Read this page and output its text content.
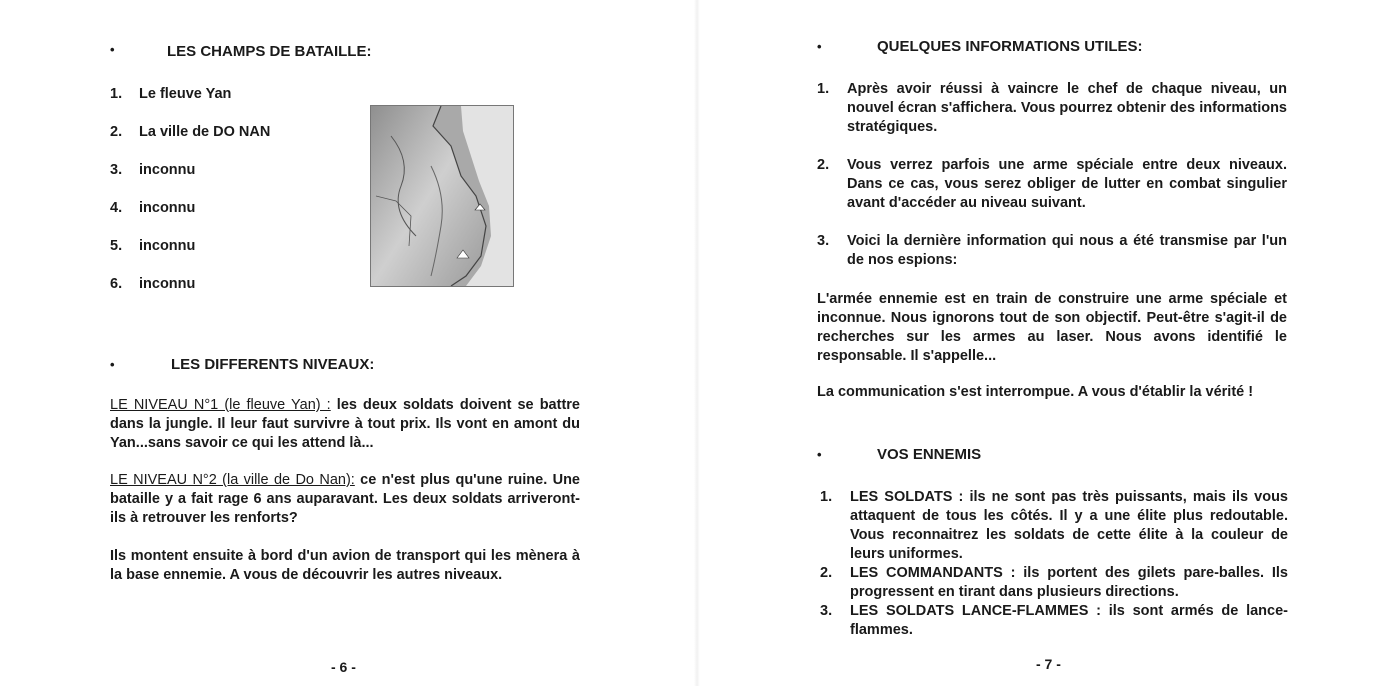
•	LES CHAMPS DE BATAILLE:
1. Le fleuve Yan
2. La ville de DO NAN
3. inconnu
4. inconnu
5. inconnu
6. inconnu
•	LES DIFFERENTS NIVEAUX:
LE NIVEAU N°1 (le fleuve Yan) : les deux soldats doivent se battre dans la jungle. Il leur faut survivre à tout prix. Ils vont en amont du Yan...sans savoir ce qui les attend là...
LE NIVEAU N°2 (la ville de Do Nan): ce n'est plus qu'une ruine. Une bataille y a fait rage 6 ans auparavant. Les deux soldats arriveront-ils à retrouver les renforts?
Ils montent ensuite à bord d'un avion de transport qui les mènera à la base ennemie. A vous de découvrir les autres niveaux.
- 6 -
•	QUELQUES INFORMATIONS UTILES:
1. Après avoir réussi à vaincre le chef de chaque niveau, un nouvel écran s'affichera. Vous pourrez obtenir des informations stratégiques.
2. Vous verrez parfois une arme spéciale entre deux niveaux. Dans ce cas, vous serez obliger de lutter en combat singulier avant d'accéder au niveau suivant.
3. Voici la dernière information qui nous a été transmise par l'un de nos espions:
L'armée ennemie est en train de construire une arme spéciale et inconnue. Nous ignorons tout de son objectif. Peut-être s'agit-il de recherches sur les armes au laser. Nous avons identifié le responsable. Il s'appelle...
La communication s'est interrompue. A vous d'établir la vérité !
•	VOS ENNEMIS
1. LES SOLDATS : ils ne sont pas très puissants, mais ils vous attaquent de tous les côtés. Il y a une élite plus redoutable. Vous reconnaitrez les soldats de cette élite à la couleur de leurs uniformes.
2. LES COMMANDANTS : ils portent des gilets pare-balles. Ils progressent en tirant dans plusieurs directions.
3. LES SOLDATS LANCE-FLAMMES : ils sont armés de lance-flammes.
- 7 -
